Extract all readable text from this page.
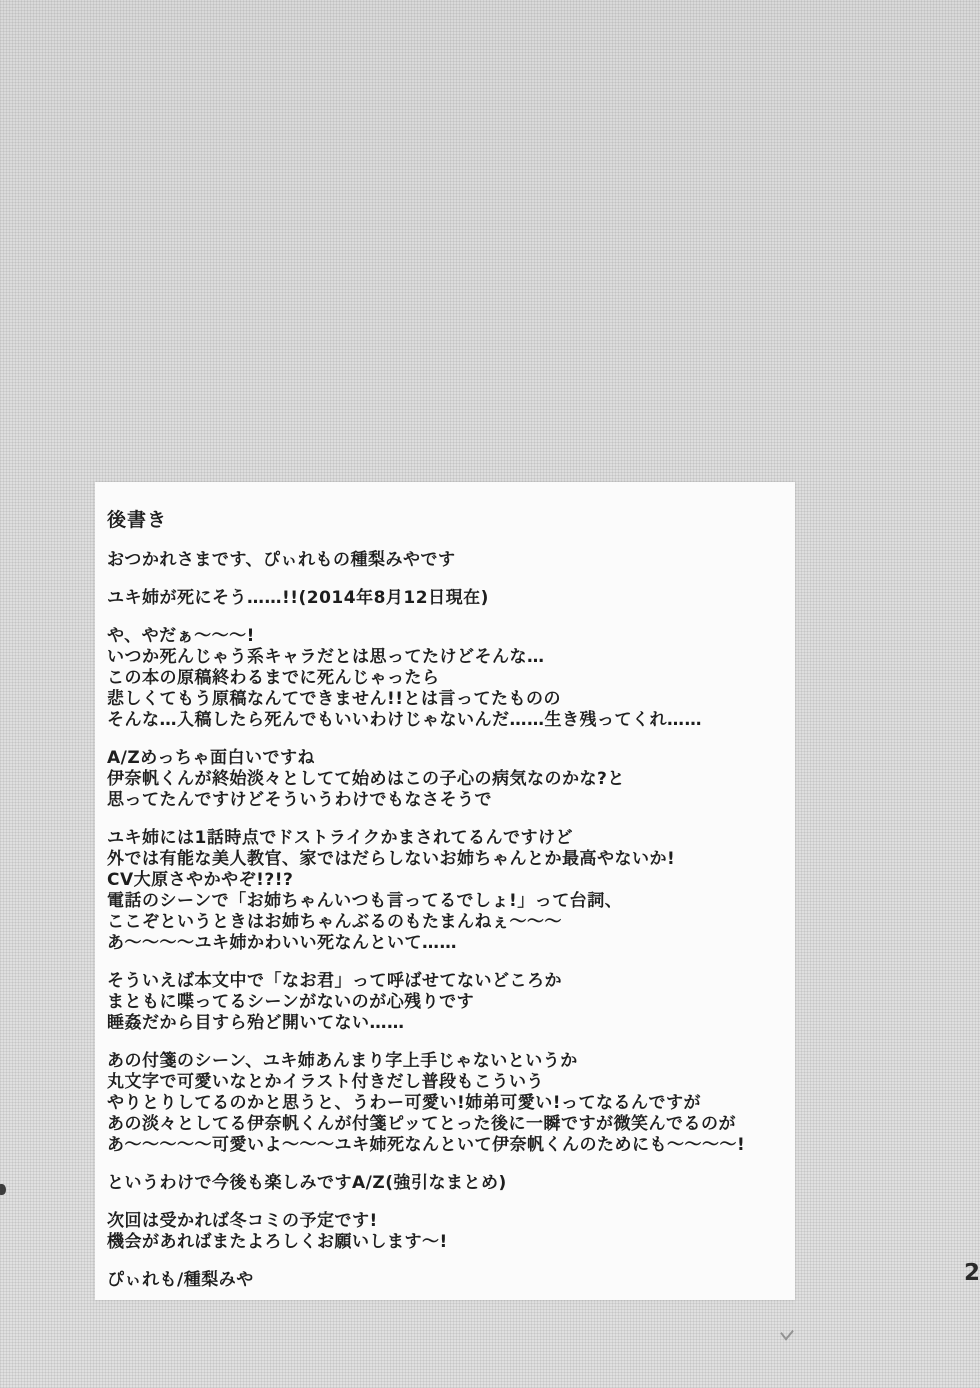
後書き
おつかれさまです、ぴぃれもの種梨みやです
ユキ姉が死にそう……!!(2014年8月12日現在)
や、やだぁ〜〜〜!
いつか死んじゃう系キャラだとは思ってたけどそんな…
この本の原稿終わるまでに死んじゃったら
悲しくてもう原稿なんてできません!!とは言ってたものの
そんな…入稿したら死んでもいいわけじゃないんだ……生き残ってくれ……
A/Zめっちゃ面白いですね
伊奈帆くんが終始淡々としてて始めはこの子心の病気なのかな?と
思ってたんですけどそういうわけでもなさそうで
ユキ姉には1話時点でドストライクかまされてるんですけど
外では有能な美人教官、家ではだらしないお姉ちゃんとか最高やないか!
CV大原さやかやぞ!?!?
電話のシーンで「お姉ちゃんいつも言ってるでしょ!」って台詞、
ここぞというときはお姉ちゃんぶるのもたまんねぇ〜〜〜
あ〜〜〜〜ユキ姉かわいい死なんといて……
そういえば本文中で「なお君」って呼ばせてないどころか
まともに喋ってるシーンがないのが心残りです
睡姦だから目すら殆ど開いてない……
あの付箋のシーン、ユキ姉あんまり字上手じゃないというか
丸文字で可愛いなとかイラスト付きだし普段もこういう
やりとりしてるのかと思うと、うわー可愛い!姉弟可愛い!ってなるんですが
あの淡々としてる伊奈帆くんが付箋ピッてとった後に一瞬ですが微笑んでるのが
あ〜〜〜〜〜可愛いよ〜〜〜ユキ姉死なんといて伊奈帆くんのためにも〜〜〜〜!
というわけで今後も楽しみですA/Z(強引なまとめ)
次回は受かれば冬コミの予定です!
機会があればまたよろしくお願いします〜!
ぴぃれも/種梨みや	2
